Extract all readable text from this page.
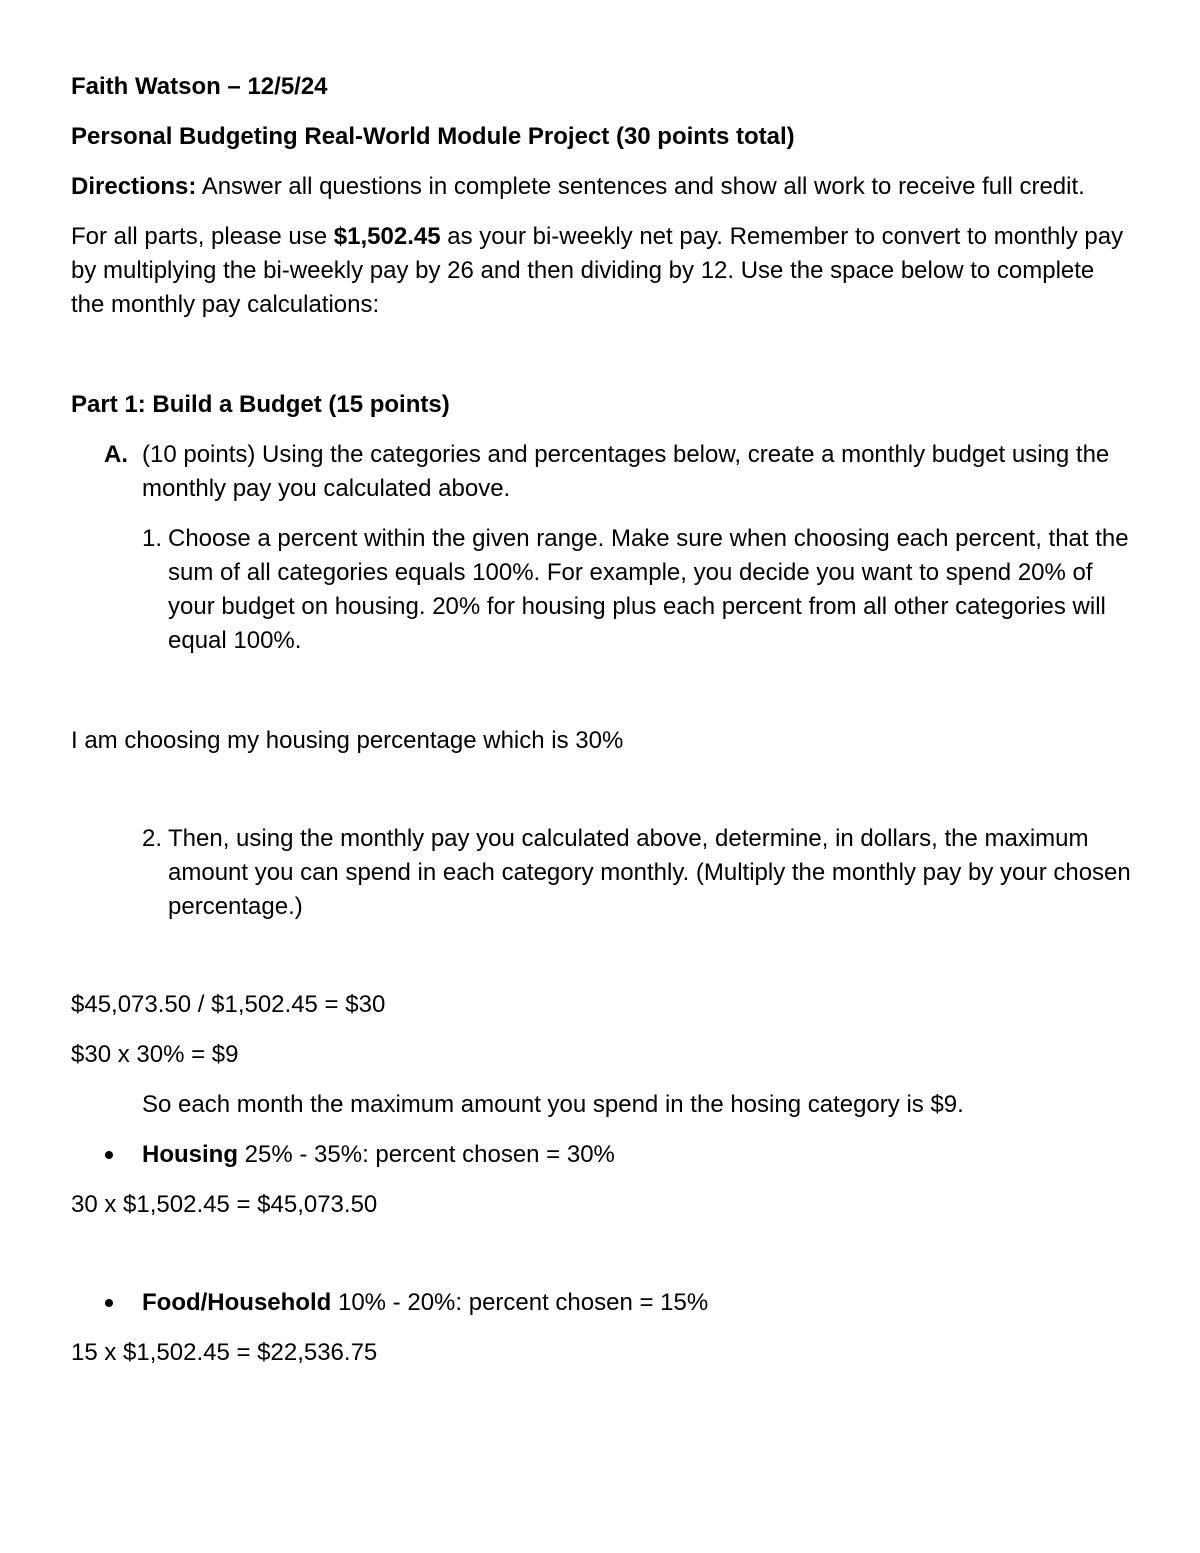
Faith Watson – 12/5/24

Personal Budgeting Real-World Module Project (30 points total)

Directions: Answer all questions in complete sentences and show all work to receive full credit.

For all parts, please use $1,502.45 as your bi-weekly net pay. Remember to convert to monthly pay by multiplying the bi-weekly pay by 26 and then dividing by 12. Use the space below to complete the monthly pay calculations:

Part 1: Build a Budget (15 points)

A. (10 points) Using the categories and percentages below, create a monthly budget using the monthly pay you calculated above.
1. Choose a percent within the given range. Make sure when choosing each percent, that the sum of all categories equals 100%. For example, you decide you want to spend 20% of your budget on housing. 20% for housing plus each percent from all other categories will equal 100%.

I am choosing my housing percentage which is 30%

2. Then, using the monthly pay you calculated above, determine, in dollars, the maximum amount you can spend in each category monthly. (Multiply the monthly pay by your chosen percentage.)

$45,073.50 / $1,502.45 = $30

$30 x 30% = $9

So each month the maximum amount you spend in the hosing category is $9.

Housing 25% - 35%: percent chosen = 30%

30 x $1,502.45 = $45,073.50

Food/Household 10% - 20%: percent chosen = 15%

15 x $1,502.45 = $22,536.75
